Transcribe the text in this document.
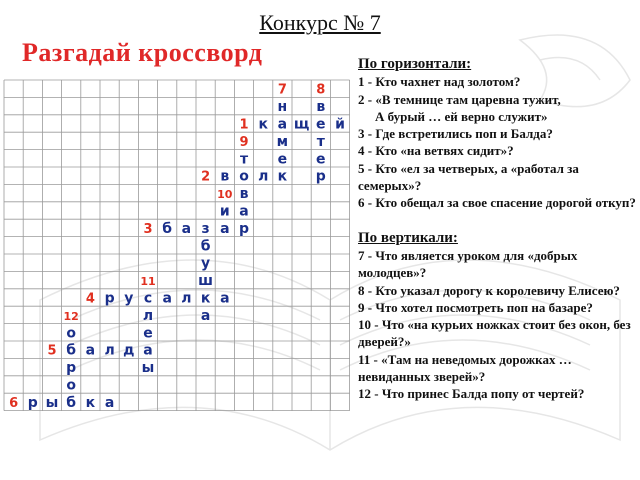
Конкурс № 7
Разгадай кроссворд
7 8
н в
1 к а щ е й
9 м т
т е е
2 в о л к р
10 в
и а
3 б а з а р
б
у
11	ш
4 р у с а л к а
12	л	а
о	е
5 б а л д а
р	ы
о
6 р ы б к а
По горизонтали:

1 - Кто чахнет над золотом?

2 - «В темнице там царевна тужит,

А бурый … ей верно служит»

3 - Где встретились поп и Балда?

4 - Кто «на ветвях сидит»?

5 - Кто «ел за четверых, а «работал за семерых»?

6 - Кто обещал за свое спасение дорогой откуп?

По вертикали:

7 - Что является уроком для «добрых молодцев»?

8 - Кто указал дорогу к королевичу Елисею?

9 - Что хотел посмотреть поп на базаре?

10 - Что «на курьих ножках стоит без окон, без дверей?»

11 - «Там на неведомых дорожках … невиданных зверей»?

12 - Что принес Балда попу от чертей?
